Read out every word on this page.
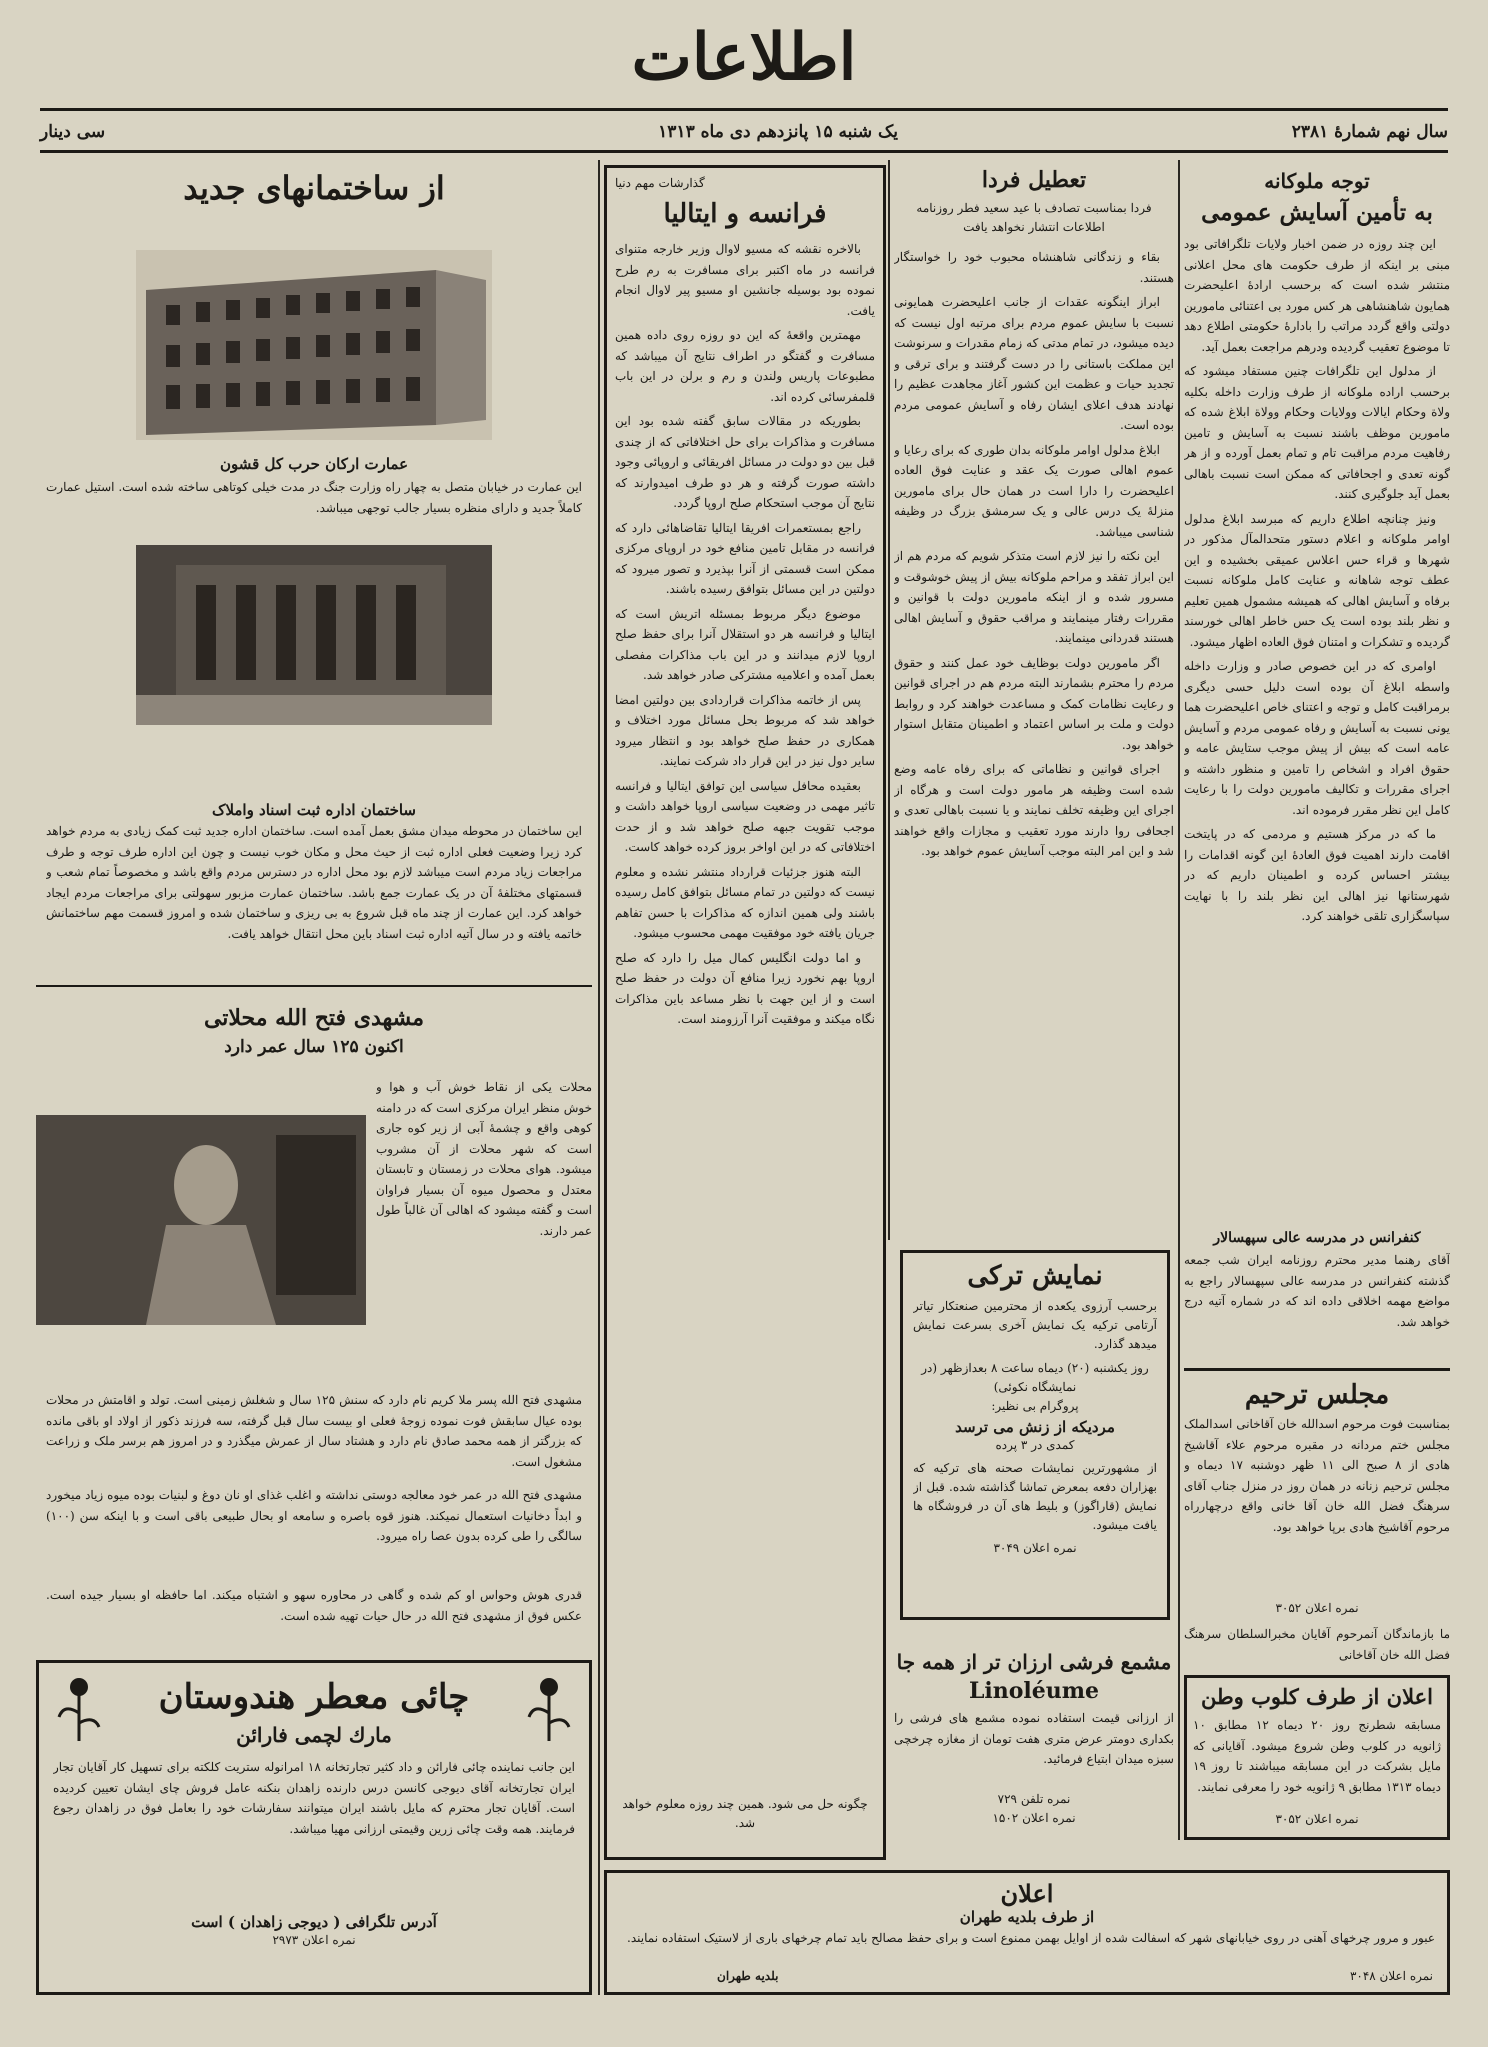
اطلاعات
سال نهم شمارهٔ ۲۳۸۱
یک شنبه ۱۵ پانزدهم دی ماه ۱۳۱۳
سی دینار
توجه ملوکانه
به تأمین آسایش عمومی

این چند روزه در ضمن اخبار ولایات تلگرافاتی بود مبنی بر اینکه از طرف حکومت های محل اعلانی منتشر شده است که برحسب ارادهٔ اعلیحضرت همایون شاهنشاهی هر کس مورد بی اعتنائی مامورین دولتی واقع گردد مراتب را بادارهٔ حکومتی اطلاع دهد تا موضوع تعقیب گردیده ودرهم مراجعت بعمل آید.

از مدلول این تلگرافات چنین مستفاد میشود که برحسب اراده ملوکانه از طرف وزارت داخله بکلیه ولاة وحکام ایالات وولایات وحکام وولاة ابلاغ شده که مامورین موظف باشند نسبت به آسایش و تامین رفاهیت مردم مراقبت تام و تمام بعمل آورده و از هر گونه تعدی و اجحافاتی که ممکن است نسبت باهالی بعمل آید جلوگیری کنند.

ونیز چنانچه اطلاع داریم که مبرسد ابلاغ مدلول اوامر ملوکانه و اعلام دستور متحدالمآل مذکور در شهرها و قراء حس اعلاس عمیقی بخشیده و این عطف توجه شاهانه و عنایت کامل ملوکانه نسبت برفاه و آسایش اهالی که همیشه مشمول همین تعلیم و نظر بلند بوده است یک حس خاطر اهالی خورسند گردیده و تشکرات و امتنان فوق العاده اظهار میشود.

اوامری که در این خصوص صادر و وزارت داخله واسطه ابلاغ آن بوده است دلیل حسی دیگری برمراقبت کامل و توجه و اعتنای خاص اعلیحضرت هما یونی نسبت به آسایش و رفاه عمومی مردم و آسایش عامه است که بیش از پیش موجب ستایش عامه و حقوق افراد و اشخاص را تامین و منظور داشته و اجرای مقررات و تکالیف مامورین دولت را با رعایت کامل این نظر مقرر فرموده اند.

ما که در مرکز هستیم و مردمی که در پایتخت اقامت دارند اهمیت فوق العادهٔ این گونه اقدامات را بیشتر احساس کرده و اطمینان داریم که در شهرستانها نیز اهالی این نظر بلند را با نهایت سپاسگزاری تلقی خواهند کرد.

کنفرانس در مدرسه عالی سپهسالار
آقای رهنما مدیر محترم روزنامه ایران شب جمعه گذشته کنفرانس در مدرسه عالی سپهسالار راجع به مواضع مهمه اخلاقی داده اند که در شماره آتیه درج خواهد شد.
مجلس ترحیم
بمناسبت فوت مرحوم اسدالله خان آقاخانی اسدالملک مجلس ختم مردانه در مقبره مرحوم علاء آقاشیخ هادی از ۸ صبح الی ۱۱ ظهر دوشنبه ۱۷ دیماه و مجلس ترحیم زنانه در همان روز در منزل جناب آقای سرهنگ فضل الله خان آقا خانی واقع درچهارراه مرحوم آقاشیخ هادی برپا خواهد بود.
نمره اعلان ۳۰۵۲
ما بازماندگان آنمرحوم آقایان مخبرالسلطان سرهنگ فضل الله خان آقاخانی
اعلان از طرف کلوب وطن
مسابقه شطرنج روز ۲۰ دیماه ۱۲ مطابق ۱۰ ژانویه در کلوب وطن شروع میشود. آقایانی که مایل بشرکت در این مسابقه میباشند تا روز ۱۹ دیماه ۱۳۱۳ مطابق ۹ ژانویه خود را معرفی نمایند.
نمره اعلان ۳۰۵۲
تعطیل فردا
فردا بمناسبت تصادف با عید سعید فطر روزنامه اطلاعات انتشار نخواهد یافت

بقاء و زندگانی شاهنشاه محبوب خود را خواستگار هستند.

ابراز اینگونه عقدات از جانب اعلیحضرت همایونی نسبت با سایش عموم مردم برای مرتبه اول نیست که دیده میشود، در تمام مدتی که زمام مقدرات و سرنوشت این مملکت باستانی را در دست گرفتند و برای ترقی و تجدید حیات و عظمت این کشور آغاز مجاهدت عظیم را نهادند هدف اعلای ایشان رفاه و آسایش عمومی مردم بوده است.

ابلاغ مدلول اوامر ملوکانه بدان طوری که برای رعایا و عموم اهالی صورت یک عقد و عنایت فوق العاده اعلیحضرت را دارا است در همان حال برای مامورین منزلهٔ یک درس عالی و یک سرمشق بزرگ در وظیفه شناسی میباشد.

این نکته را نیز لازم است متذکر شویم که مردم هم از این ابراز تفقد و مراحم ملوکانه بیش از پیش خوشوقت و مسرور شده و از اینکه مامورین دولت با قوانین و مقررات رفتار مینمایند و مراقب حقوق و آسایش اهالی هستند قدردانی مینمایند.

اگر مامورین دولت بوظایف خود عمل کنند و حقوق مردم را محترم بشمارند البته مردم هم در اجرای قوانین و رعایت نظامات کمک و مساعدت خواهند کرد و روابط دولت و ملت بر اساس اعتماد و اطمینان متقابل استوار خواهد بود.

اجرای قوانین و نظاماتی که برای رفاه عامه وضع شده است وظیفه هر مامور دولت است و هرگاه از اجرای این وظیفه تخلف نمایند و یا نسبت باهالی تعدی و اجحافی روا دارند مورد تعقیب و مجازات واقع خواهند شد و این امر البته موجب آسایش عموم خواهد بود.

نمایش ترکی
برحسب آرزوی یکعده از محترمین صنعتکار تیاتر آرتامی ترکیه یک نمایش آخری بسرعت نمایش میدهد گذارد.
روز یکشنبه (۲۰) دیماه ساعت ۸ بعدازظهر (در نمایشگاه نکوئی)
پروگرام بی نظیر:
مردیکه از زنش می ترسد
کمدی در ۳ پرده
از مشهورترین نمایشات صحنه های ترکیه که بهزاران دفعه بمعرض تماشا گذاشته شده. قبل از نمایش (قاراگوز) و بلیط های آن در فروشگاه ها یافت میشود.
نمره اعلان ۳۰۴۹
مشمع فرشی ارزان تر از همه جا
Linoléume
از ارزانی قیمت استفاده نموده مشمع های فرشی را بکداری دومتر عرض متری هفت تومان از مغازه چرخچی سبزه میدان ابتیاع فرمائید.
نمره تلفن ۷۲۹
نمره اعلان ۱۵۰۲
اعلان
از طرف بلدیه طهران
عبور و مرور چرخهای آهنی در روی خیابانهای شهر که اسفالت شده از اوایل بهمن ممنوع است و برای حفظ مصالح باید تمام چرخهای باری از لاستیک استفاده نمایند.
بلدیه طهران	نمره اعلان ۳۰۴۸
گذارشات مهم دنیا
فرانسه و ایتالیا

بالاخره نقشه که مسیو لاوال وزیر خارجه متنوای فرانسه در ماه اکتبر برای مسافرت به رم طرح نموده بود بوسیله جانشین او مسیو پیر لاوال انجام یافت.

مهمترین واقعهٔ که این دو روزه روی داده همین مسافرت و گفتگو در اطراف نتایج آن میباشد که مطبوعات پاریس ولندن و رم و برلن در این باب قلمفرسائی کرده اند.

بطوریکه در مقالات سابق گفته شده بود این مسافرت و مذاکرات برای حل اختلافاتی که از چندی قبل بین دو دولت در مسائل افریقائی و اروپائی وجود داشته صورت گرفته و هر دو طرف امیدوارند که نتایج آن موجب استحکام صلح اروپا گردد.

راجع بمستعمرات افریقا ایتالیا تقاضاهائی دارد که فرانسه در مقابل تامین منافع خود در اروپای مرکزی ممکن است قسمتی از آنرا بپذیرد و تصور میرود که دولتین در این مسائل بتوافق رسیده باشند.

موضوع دیگر مربوط بمسئله اتریش است که ایتالیا و فرانسه هر دو استقلال آنرا برای حفظ صلح اروپا لازم میدانند و در این باب مذاکرات مفصلی بعمل آمده و اعلامیه مشترکی صادر خواهد شد.

پس از خاتمه مذاکرات قراردادی بین دولتین امضا خواهد شد که مربوط بحل مسائل مورد اختلاف و همکاری در حفظ صلح خواهد بود و انتظار میرود سایر دول نیز در این قرار داد شرکت نمایند.

بعقیده محافل سیاسی این توافق ایتالیا و فرانسه تاثیر مهمی در وضعیت سیاسی اروپا خواهد داشت و موجب تقویت جبهه صلح خواهد شد و از حدت اختلافاتی که در این اواخر بروز کرده خواهد کاست.

البته هنوز جزئیات قرارداد منتشر نشده و معلوم نیست که دولتین در تمام مسائل بتوافق کامل رسیده باشند ولی همین اندازه که مذاکرات با حسن تفاهم جریان یافته خود موفقیت مهمی محسوب میشود.

و اما دولت انگلیس کمال میل را دارد که صلح اروپا بهم نخورد زیرا منافع آن دولت در حفظ صلح است و از این جهت با نظر مساعد باین مذاکرات نگاه میکند و موفقیت آنرا آرزومند است.

چگونه حل می شود. همین چند روزه معلوم خواهد شد.
از ساختمانهای جدید
عمارت ارکان حرب کل قشون
این عمارت در خیابان متصل به چهار راه وزارت جنگ در مدت خیلی کوتاهی ساخته شده است. استیل عمارت کاملاً جدید و دارای منظره بسیار جالب توجهی میباشد.
ساختمان اداره ثبت اسناد واملاک
این ساختمان در محوطه میدان مشق بعمل آمده است. ساختمان اداره جدید ثبت کمک زیادی به مردم خواهد کرد زیرا وضعیت فعلی اداره ثبت از حیث محل و مکان خوب نیست و چون این اداره طرف توجه و طرف مراجعات زیاد مردم است میباشد لازم بود محل اداره در دسترس مردم واقع باشد و مخصوصاً تمام شعب و قسمتهای مختلفهٔ آن در یک عمارت جمع باشد. ساختمان عمارت مزبور سهولتی برای مراجعات مردم ایجاد خواهد کرد. این عمارت از چند ماه قبل شروع به بی ریزی و ساختمان شده و امروز قسمت مهم ساختمانش خاتمه یافته و در سال آتیه اداره ثبت اسناد باین محل انتقال خواهد یافت.
مشهدی فتح الله محلاتی
اکنون ۱۲۵ سال عمر دارد
محلات یکی از نقاط خوش آب و هوا و خوش منظر ایران مرکزی است که در دامنه کوهی واقع و چشمهٔ آبی از زیر کوه جاری است که شهر محلات از آن مشروب میشود. هوای محلات در زمستان و تابستان معتدل و محصول میوه آن بسیار فراوان است و گفته میشود که اهالی آن غالباً طول عمر دارند.
مشهدی فتح الله پسر ملا کریم نام دارد که سنش ۱۲۵ سال و شغلش زمینی است. تولد و اقامتش در محلات بوده عیال سابقش فوت نموده زوجهٔ فعلی او بیست سال قبل گرفته، سه فرزند ذکور از اولاد او باقی مانده که بزرگتر از همه محمد صادق نام دارد و هشتاد سال از عمرش میگذرد و در امروز هم برسر ملک و زراعت مشغول است.
مشهدی فتح الله در عمر خود معالجه دوستی نداشته و اغلب غذای او نان دوغ و لبنیات بوده میوه زیاد میخورد و ابداً دخانیات استعمال نمیکند. هنوز قوه باصره و سامعه او بحال طبیعی باقی است و با اینکه سن (۱۰۰) سالگی را طی کرده بدون عصا راه میرود.
قدری هوش وحواس او کم شده و گاهی در محاوره سهو و اشتباه میکند. اما حافظه او بسیار جیده است. عکس فوق از مشهدی فتح الله در حال حیات تهیه شده است.
چائی معطر هندوستان
مارك لچمی فارائن
این جانب نماینده چائی فارائن و داد کثیر تجارتخانه ۱۸ امرانوله ستریت کلکته برای تسهیل کار آقایان تجار ایران تجارتخانه آقای دیوجی کانسن درس دارنده زاهدان بنکنه عامل فروش چای ایشان تعیین کردیده است. آقایان تجار محترم که مایل باشند ایران میتوانند سفارشات خود را بعامل فوق در زاهدان رجوع فرمایند. همه وقت چائی زرین وقیمتی ارزانی مهیا میباشد.
آدرس تلگرافی ( دیوجی زاهدان ) است
نمره اعلان ۲۹۷۳
